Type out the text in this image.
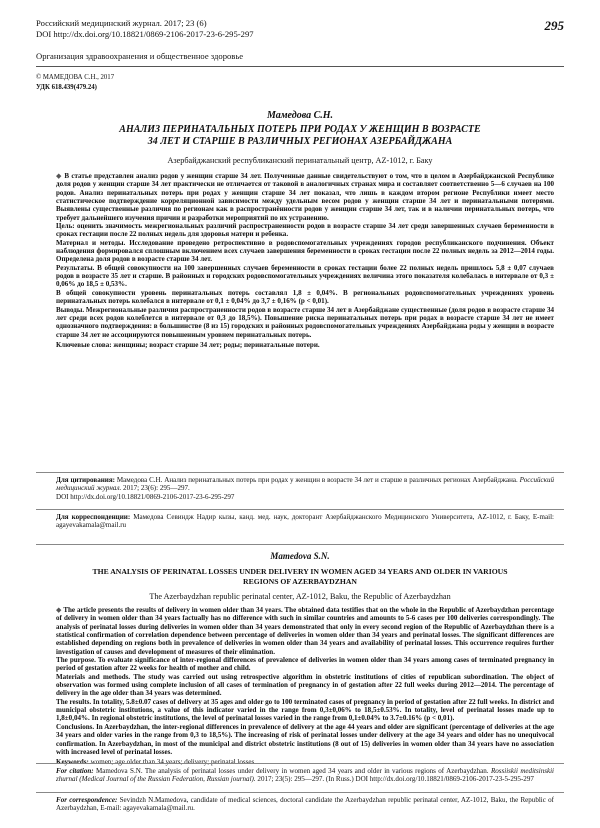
Российский медицинский журнал. 2017; 23 (6)
DOI http://dx.doi.org/10.18821/0869-2106-2017-23-6-295-297
Организация здравоохранения и общественное здоровье
295
© МАМЕДОВА С.Н., 2017
УДК 618.439(479.24)
Мамедова С.Н.
АНАЛИЗ ПЕРИНАТАЛЬНЫХ ПОТЕРЬ ПРИ РОДАХ У ЖЕНЩИН В ВОЗРАСТЕ
34 ЛЕТ И СТАРШЕ В РАЗЛИЧНЫХ РЕГИОНАХ АЗЕРБАЙДЖАНА
Азербайджанский республиканский перинатальный центр, AZ-1012, г. Баку
◆ В статье представлен анализ родов у женщин старше 34 лет. Полученные данные свидетельствуют о том, что в целом в Азербайджанской Республике доля родов у женщин старше 34 лет практически не отличается от таковой в аналогичных странах мира и составляет соответственно 5—6 случаев на 100 родов. Анализ перинатальных потерь при родах у женщин старше 34 лет показал, что лишь в каждом втором регионе Республики имеет место статистическое подтверждение корреляционной зависимости между удельным весом родов у женщин старше 34 лет и перинатальными потерями. Выявлены существенные различия по регионам как в распространённости родов у женщин старше 34 лет, так и в наличии перинатальных потерь, что требует дальнейшего изучения причин и разработки мероприятий по их устранению.
Цель: оценить значимость межрегиональных различий распространенности родов в возрасте старше 34 лет среди завершенных случаев беременности в сроках гестации после 22 полных недель для здоровья матери и ребенка.
Материал и методы. Исследование проведено ретроспективно в родовспомогательных учреждениях городов республиканского подчинения. Объект наблюдения формировался сплошным включением всех случаев завершения беременности в сроках гестации после 22 полных недель за 2012—2014 годы. Определена доля родов в возрасте старше 34 лет.
Результаты. В общей совокупности на 100 завершенных случаев беременности в сроках гестации более 22 полных недель пришлось 5,8 ± 0,07 случаев родов в возрасте 35 лет и старше. В районных и городских родовспомогательных учреждениях величина этого показателя колебалась в интервале от 0,3 ± 0,06% до 18,5 ± 0,53%.
В общей совокупности уровень перинатальных потерь составлял 1,8 ± 0,04%. В региональных родовспомогательных учреждениях уровень перинатальных потерь колебался в интервале от 0,1 ± 0,04% до 3,7 ± 0,16% (p < 0,01).
Выводы. Межрегиональные различия распространенности родов в возрасте старше 34 лет в Азербайджане существенные (доля родов в возрасте старше 34 лет среди всех родов колеблется в интервале от 0,3 до 18,5%). Повышение риска перинатальных потерь при родах в возрасте старше 34 лет не имеет однозначного подтверждения: в большинстве (8 из 15) городских и районных родовспомогательных учреждениях Азербайджана роды у женщин в возрасте старше 34 лет не ассоциируются повышенным уровнем перинатальных потерь.
Ключевые слова: женщины; возраст старше 34 лет; роды; перинатальные потери.
Для цитирования: Мамедова С.Н. Анализ перинатальных потерь при родах у женщин в возрасте 34 лет и старше в различных регионах Азербайджана. Российский медицинский журнал. 2017; 23(6): 295—297.
DOI http://dx.doi.org/10.18821/0869-2106-2017-23-6-295-297
Для корреспонденции: Мамедова Севиндж Надир кызы, канд. мед. наук, докторант Азербайджанского Медицинского Университета, AZ-1012, г. Баку, E-mail: agayevakamala@mail.ru
Mamedova S.N.
THE ANALYSIS OF PERINATAL LOSSES UNDER DELIVERY IN WOMEN AGED 34 YEARS AND OLDER IN VARIOUS
REGIONS OF AZERBAYDZHAN
The Azerbaydzhan republic perinatal center, AZ-1012, Baku, the Republic of Azerbaydzhan
◆ The article presents the results of delivery in women older than 34 years. The obtained data testifies that on the whole in the Republic of Azerbaydzhan percentage of delivery in women older than 34 years factually has no difference with such in similar countries and amounts to 5-6 cases per 100 deliveries correspondingly. The analysis of perinatal losses during deliveries in women older than 34 years demonstrated that only in every second region of the Republic of Azerbaydzhan there is a statistical confirmation of correlation dependence between percentage of deliveries in women older than 34 years and perinatal losses. The significant differences are established depending on regions both in prevalence of deliveries in women older than 34 years and availability of perinatal losses. This occurrence requires further investigation of causes and development of measures of their elimination.
The purpose. To evaluate significance of inter-regional differences of prevalence of deliveries in women older than 34 years among cases of terminated pregnancy in period of gestation after 22 weeks for health of mother and child.
Materials and methods. The study was carried out using retrospective algorithm in obstetric institutions of cities of republican subordination. The object of observation was formed using complete inclusion of all cases of termination of pregnancy in of gestation after 22 full weeks during 2012—2014. The percentage of delivery in the age older than 34 years was determined.
The results. In totality, 5.8±0.07 cases of delivery at 35 ages and older go to 100 terminated cases of pregnancy in period of gestation after 22 full weeks. In district and municipal obstetric institutions, a value of this indicator varied in the range from 0,3±0,06% to 18,5±0.53%. In totality, level of perinatal losses made up to 1,8±0,04%. In regional obstetric institutions, the level of perinatal losses varied in the range from 0,1±0.04% to 3.7±0.16% (p < 0,01).
Conclusions. In Azerbaydzhan, the inter-regional differences in prevalence of delivery at the age 44 years and older are significant (percentage of deliveries at the age 34 years and older varies in the range from 0,3 to 18,5%). The increasing of risk of perinatal losses under delivery at the age 34 years and older has no unequivocal confirmation. In Azerbaydzhan, in most of the municipal and district obstetric institutions (8 out of 15) deliveries in women older than 34 years have no association with increased level of perinatal losses.
Keywords: women; age older than 34 years; delivery; perinatal losses.
For citation: Mamedova S.N. The analysis of perinatal losses under delivery in women aged 34 years and older in various regions of Azerbaydzhan. Rossiiskii meditsinskii zhurnal (Medical Journal of the Russian Federation, Russian journal). 2017; 23(5): 295—297. (In Russ.) DOI http://dx.doi.org/10.18821/0869-2106-2017-23-5-295-297
For correspondence: Sevindzh N.Mamedova, candidate of medical sciences, doctoral candidate the Azerbaydzhan republic perinatal center, AZ-1012, Baku, the Republic of Azerbaydzhan, E-mail: agayevakamala@mail.ru.
